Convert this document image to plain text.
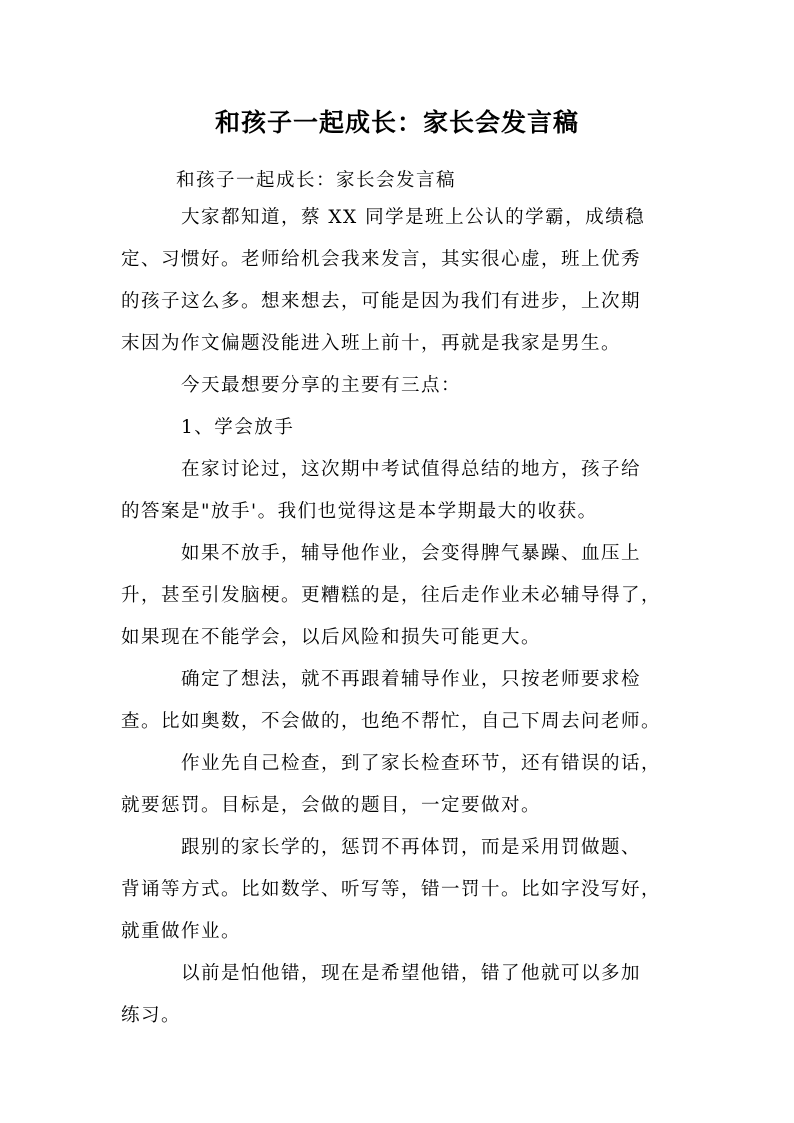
和孩子一起成长：家长会发言稿
和孩子一起成长：家长会发言稿
大家都知道，蔡 XX 同学是班上公认的学霸，成绩稳
定、习惯好。老师给机会我来发言，其实很心虚，班上优秀
的孩子这么多。想来想去，可能是因为我们有进步，上次期
末因为作文偏题没能进入班上前十，再就是我家是男生。
今天最想要分享的主要有三点：
1、学会放手
在家讨论过，这次期中考试值得总结的地方，孩子给
的答案是"放手'。我们也觉得这是本学期最大的收获。
如果不放手，辅导他作业，会变得脾气暴躁、血压上
升，甚至引发脑梗。更糟糕的是，往后走作业未必辅导得了，
如果现在不能学会，以后风险和损失可能更大。
确定了想法，就不再跟着辅导作业，只按老师要求检
查。比如奥数，不会做的，也绝不帮忙，自己下周去问老师。
作业先自己检查，到了家长检查环节，还有错误的话，
就要惩罚。目标是，会做的题目，一定要做对。
跟别的家长学的，惩罚不再体罚，而是采用罚做题、
背诵等方式。比如数学、听写等，错一罚十。比如字没写好，
就重做作业。
以前是怕他错，现在是希望他错，错了他就可以多加
练习。
